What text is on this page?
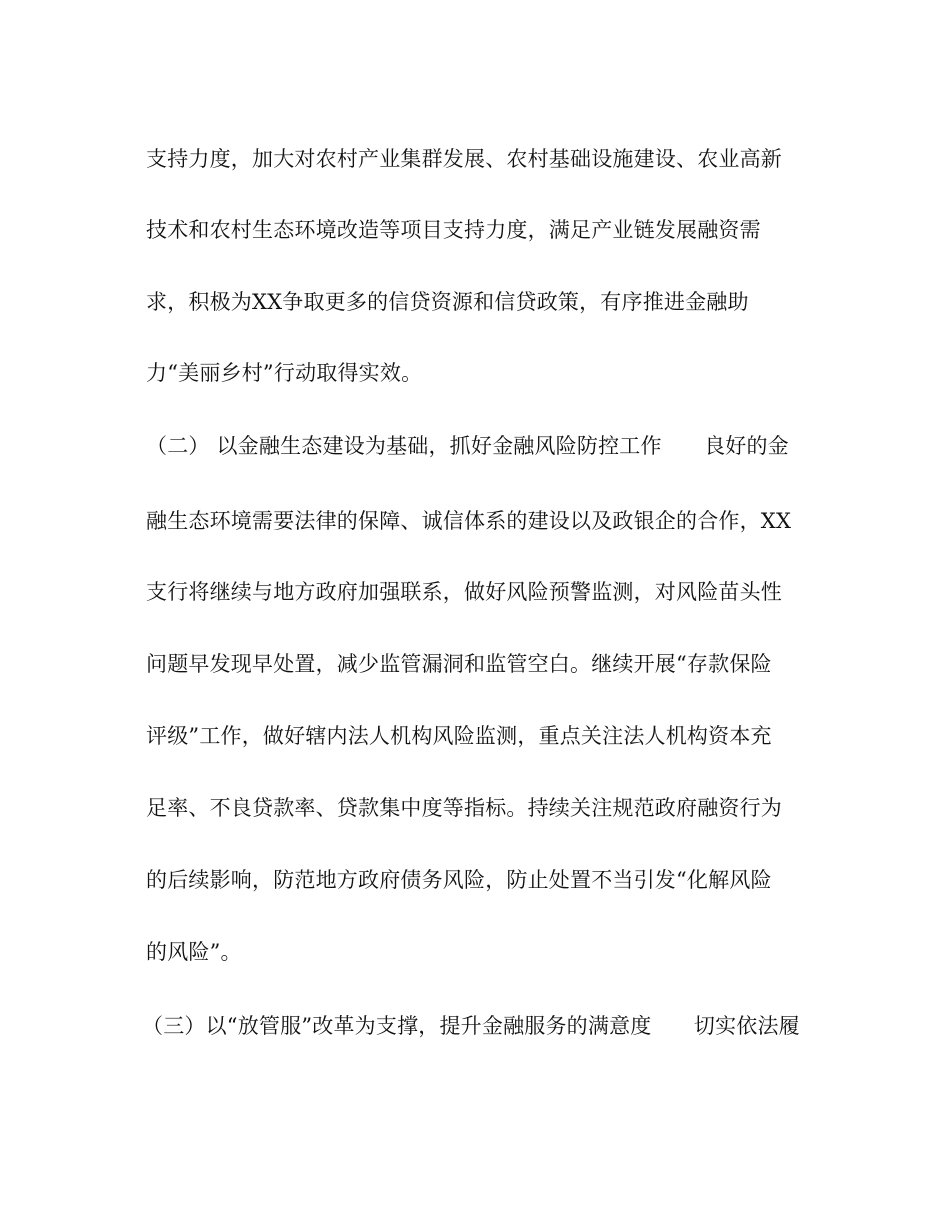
支持力度，加大对农村产业集群发展、农村基础设施建设、农业高新
技术和农村生态环境改造等项目支持力度，满足产业链发展融资需
求，积极为XX争取更多的信贷资源和信贷政策，有序推进金融助
力“美丽乡村”行动取得实效。
（二） 以金融生态建设为基础，抓好金融风险防控工作　　良好的金
融生态环境需要法律的保障、诚信体系的建设以及政银企的合作，XX
支行将继续与地方政府加强联系，做好风险预警监测，对风险苗头性
问题早发现早处置，减少监管漏洞和监管空白。继续开展“存款保险
评级”工作，做好辖内法人机构风险监测，重点关注法人机构资本充
足率、不良贷款率、贷款集中度等指标。持续关注规范政府融资行为
的后续影响，防范地方政府债务风险，防止处置不当引发“化解风险
的风险”。
（三）以“放管服”改革为支撑，提升金融服务的满意度　　切实依法履
